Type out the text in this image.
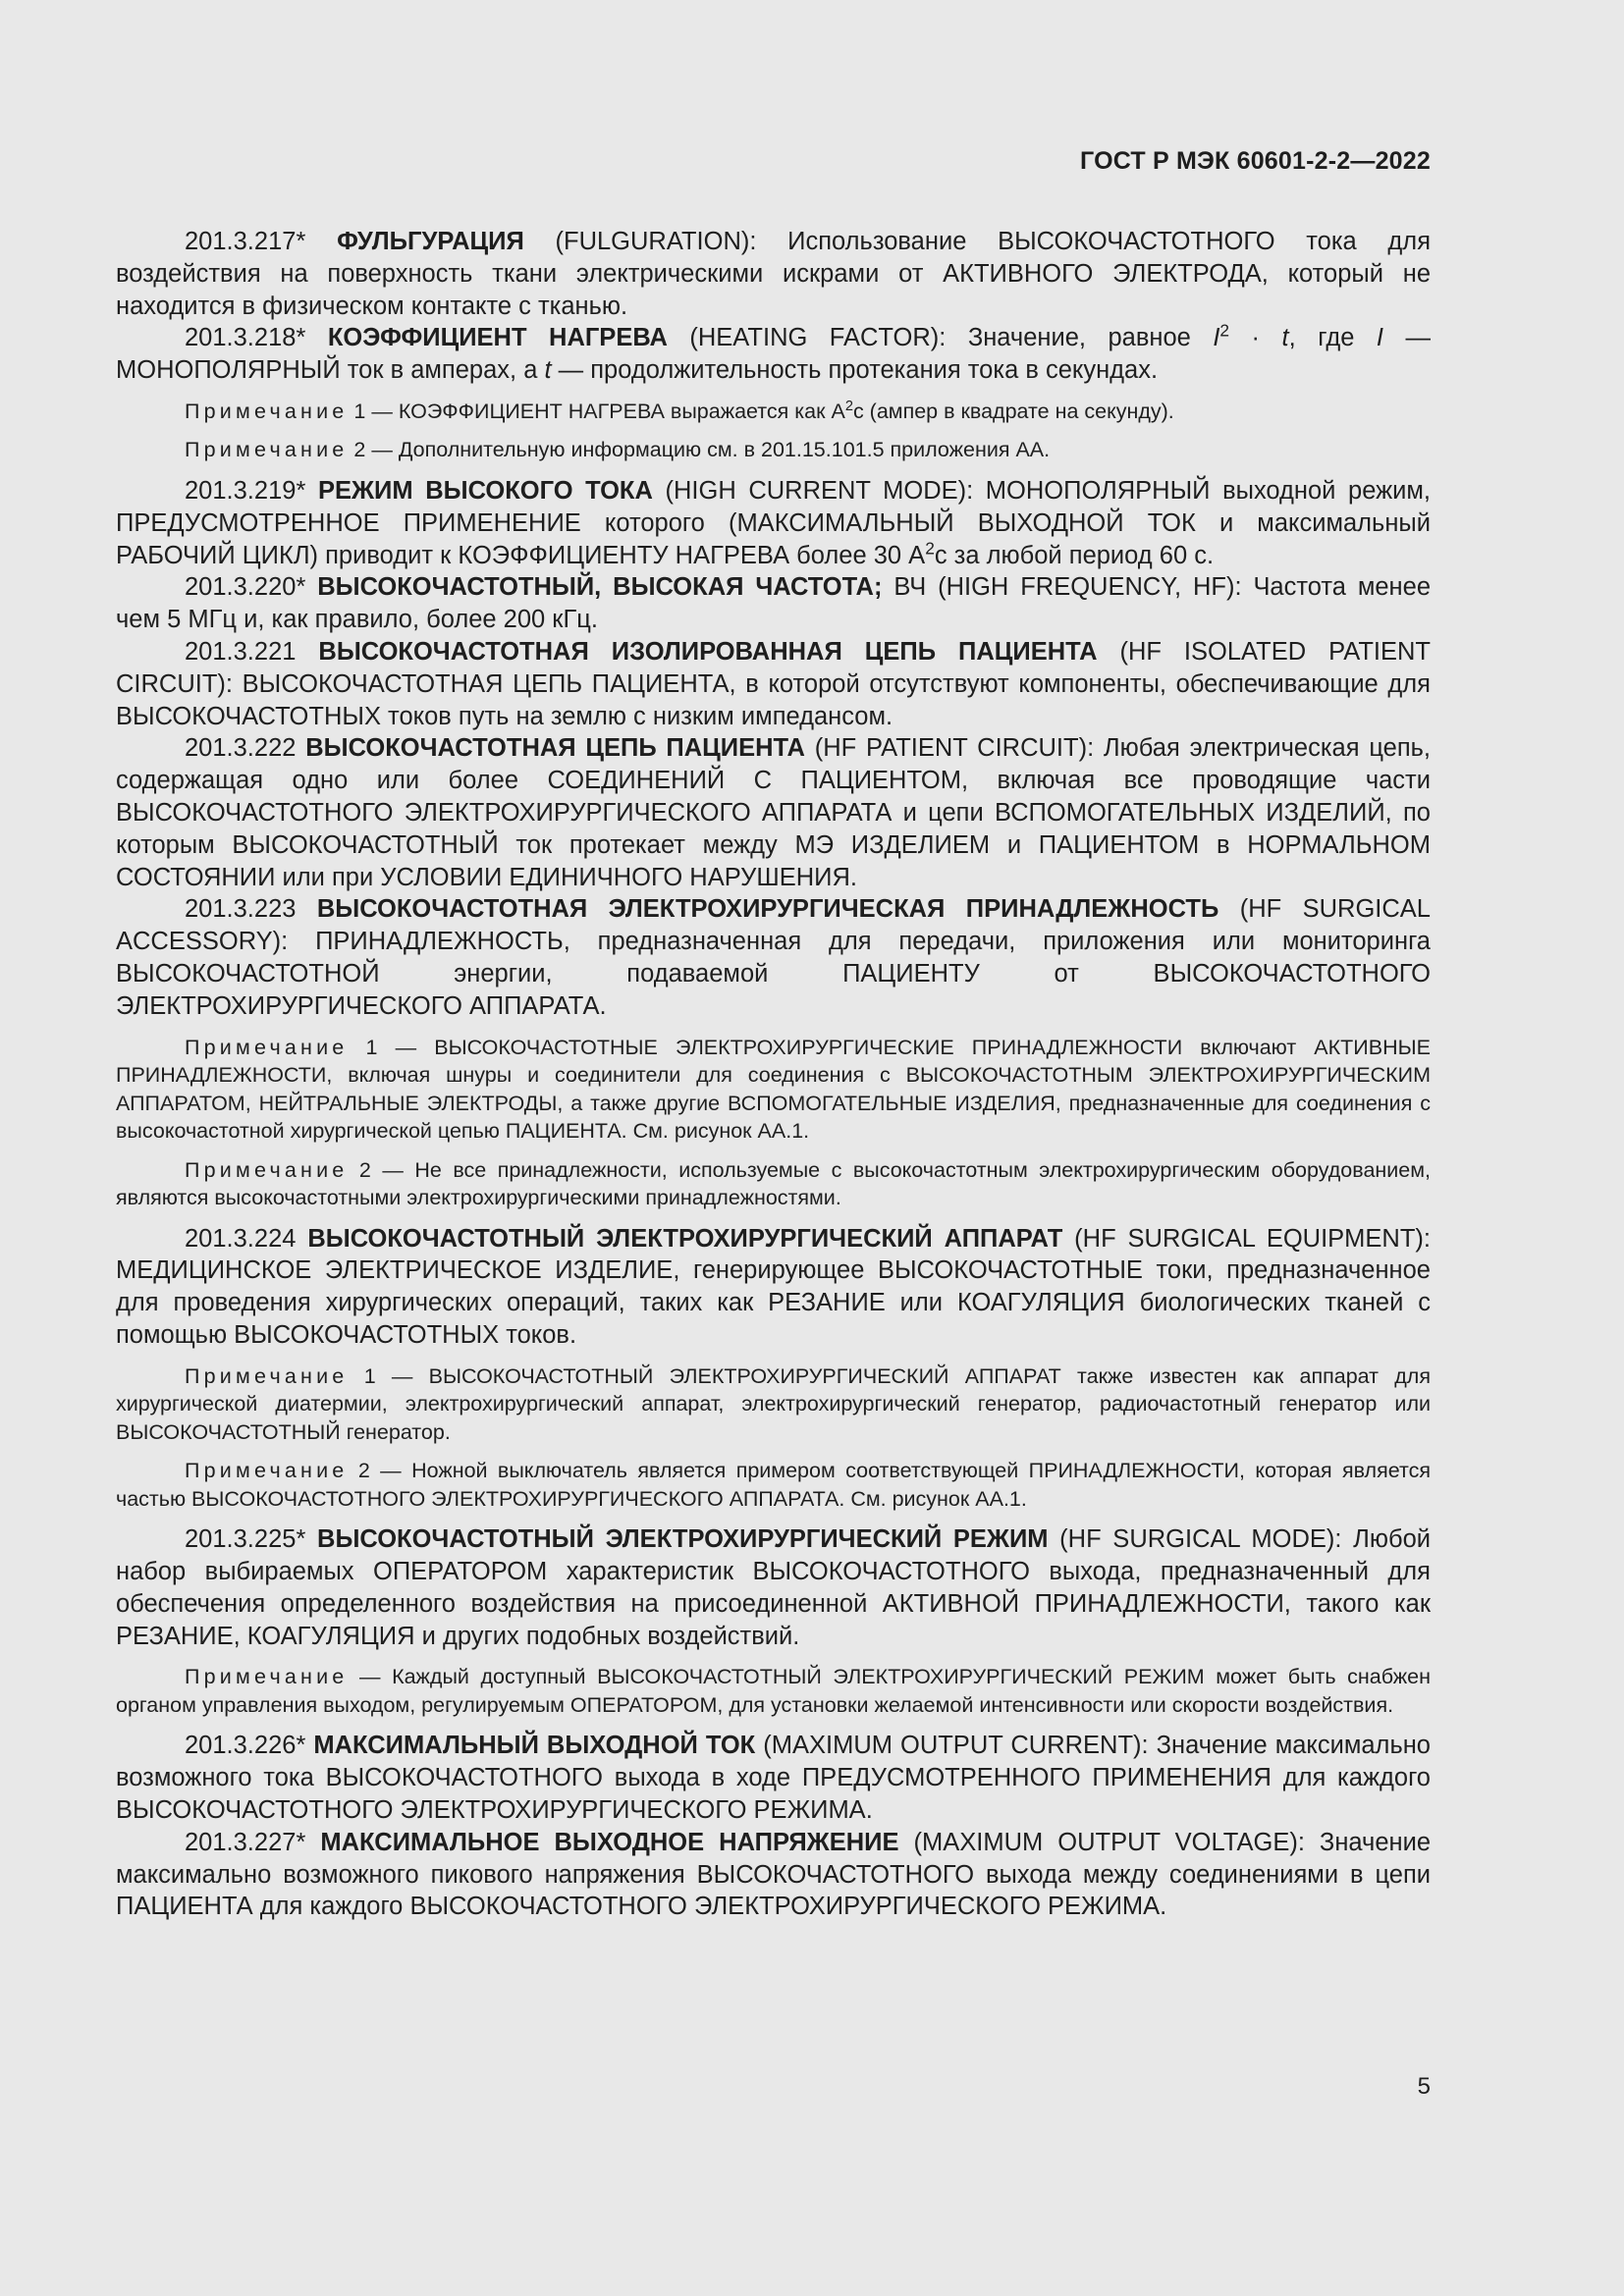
ГОСТ Р МЭК 60601-2-2—2022

201.3.217* ФУЛЬГУРАЦИЯ (FULGURATION): Использование ВЫСОКОЧАСТОТНОГО тока для воздействия на поверхность ткани электрическими искрами от АКТИВНОГО ЭЛЕКТРОДА, который не находится в физическом контакте с тканью.

201.3.218* КОЭФФИЦИЕНТ НАГРЕВА (HEATING FACTOR): Значение, равное $I^2 \cdot t$, где I — МОНОПОЛЯРНЫЙ ток в амперах, а t — продолжительность протекания тока в секундах.

Примечание 1 — КОЭФФИЦИЕНТ НАГРЕВА выражается как $А^2с$ (ампер в квадрате на секунду).

Примечание 2 — Дополнительную информацию см. в 201.15.101.5 приложения АА.

201.3.219* РЕЖИМ ВЫСОКОГО ТОКА (HIGH CURRENT MODE): МОНОПОЛЯРНЫЙ выходной режим, ПРЕДУСМОТРЕННОЕ ПРИМЕНЕНИЕ которого (МАКСИМАЛЬНЫЙ ВЫХОДНОЙ ТОК и максимальный РАБОЧИЙ ЦИКЛ) приводит к КОЭФФИЦИЕНТУ НАГРЕВА более 30 $А^2с$ за любой период 60 с.

201.3.220* ВЫСОКОЧАСТОТНЫЙ, ВЫСОКАЯ ЧАСТОТА; ВЧ (HIGH FREQUENCY, HF): Частота менее чем 5 МГц и, как правило, более 200 кГц.

201.3.221 ВЫСОКОЧАСТОТНАЯ ИЗОЛИРОВАННАЯ ЦЕПЬ ПАЦИЕНТА (HF ISOLATED PATIENT CIRCUIT): ВЫСОКОЧАСТОТНАЯ ЦЕПЬ ПАЦИЕНТА, в которой отсутствуют компоненты, обеспечивающие для ВЫСОКОЧАСТОТНЫХ токов путь на землю с низким импедансом.

201.3.222 ВЫСОКОЧАСТОТНАЯ ЦЕПЬ ПАЦИЕНТА (HF PATIENT CIRCUIT): Любая электрическая цепь, содержащая одно или более СОЕДИНЕНИЙ С ПАЦИЕНТОМ, включая все проводящие части ВЫСОКОЧАСТОТНОГО ЭЛЕКТРОХИРУРГИЧЕСКОГО АППАРАТА и цепи ВСПОМОГАТЕЛЬНЫХ ИЗДЕЛИЙ, по которым ВЫСОКОЧАСТОТНЫЙ ток протекает между МЭ ИЗДЕЛИЕМ и ПАЦИЕНТОМ в НОРМАЛЬНОМ СОСТОЯНИИ или при УСЛОВИИ ЕДИНИЧНОГО НАРУШЕНИЯ.

201.3.223 ВЫСОКОЧАСТОТНАЯ ЭЛЕКТРОХИРУРГИЧЕСКАЯ ПРИНАДЛЕЖНОСТЬ (HF SURGICAL ACCESSORY): ПРИНАДЛЕЖНОСТЬ, предназначенная для передачи, приложения или мониторинга ВЫСОКОЧАСТОТНОЙ энергии, подаваемой ПАЦИЕНТУ от ВЫСОКОЧАСТОТНОГО ЭЛЕКТРОХИРУРГИЧЕСКОГО АППАРАТА.

Примечание 1 — ВЫСОКОЧАСТОТНЫЕ ЭЛЕКТРОХИРУРГИЧЕСКИЕ ПРИНАДЛЕЖНОСТИ включают АКТИВНЫЕ ПРИНАДЛЕЖНОСТИ, включая шнуры и соединители для соединения с ВЫСОКОЧАСТОТНЫМ ЭЛЕКТРОХИРУРГИЧЕСКИМ АППАРАТОМ, НЕЙТРАЛЬНЫЕ ЭЛЕКТРОДЫ, а также другие ВСПОМОГАТЕЛЬНЫЕ ИЗДЕЛИЯ, предназначенные для соединения с высокочастотной хирургической цепью ПАЦИЕНТА. См. рисунок АА.1.

Примечание 2 — Не все принадлежности, используемые с высокочастотным электрохирургическим оборудованием, являются высокочастотными электрохирургическими принадлежностями.

201.3.224 ВЫСОКОЧАСТОТНЫЙ ЭЛЕКТРОХИРУРГИЧЕСКИЙ АППАРАТ (HF SURGICAL EQUIPMENT): МЕДИЦИНСКОЕ ЭЛЕКТРИЧЕСКОЕ ИЗДЕЛИЕ, генерирующее ВЫСОКОЧАСТОТНЫЕ токи, предназначенное для проведения хирургических операций, таких как РЕЗАНИЕ или КОАГУЛЯЦИЯ биологических тканей с помощью ВЫСОКОЧАСТОТНЫХ токов.

Примечание 1 — ВЫСОКОЧАСТОТНЫЙ ЭЛЕКТРОХИРУРГИЧЕСКИЙ АППАРАТ также известен как аппарат для хирургической диатермии, электрохирургический аппарат, электрохирургический генератор, радиочастотный генератор или ВЫСОКОЧАСТОТНЫЙ генератор.

Примечание 2 — Ножной выключатель является примером соответствующей ПРИНАДЛЕЖНОСТИ, которая является частью ВЫСОКОЧАСТОТНОГО ЭЛЕКТРОХИРУРГИЧЕСКОГО АППАРАТА. См. рисунок АА.1.

201.3.225* ВЫСОКОЧАСТОТНЫЙ ЭЛЕКТРОХИРУРГИЧЕСКИЙ РЕЖИМ (HF SURGICAL MODE): Любой набор выбираемых ОПЕРАТОРОМ характеристик ВЫСОКОЧАСТОТНОГО выхода, предназначенный для обеспечения определенного воздействия на присоединенной АКТИВНОЙ ПРИНАДЛЕЖНОСТИ, такого как РЕЗАНИЕ, КОАГУЛЯЦИЯ и других подобных воздействий.

Примечание — Каждый доступный ВЫСОКОЧАСТОТНЫЙ ЭЛЕКТРОХИРУРГИЧЕСКИЙ РЕЖИМ может быть снабжен органом управления выходом, регулируемым ОПЕРАТОРОМ, для установки желаемой интенсивности или скорости воздействия.

201.3.226* МАКСИМАЛЬНЫЙ ВЫХОДНОЙ ТОК (MAXIMUM OUTPUT CURRENT): Значение максимально возможного тока ВЫСОКОЧАСТОТНОГО выхода в ходе ПРЕДУСМОТРЕННОГО ПРИМЕНЕНИЯ для каждого ВЫСОКОЧАСТОТНОГО ЭЛЕКТРОХИРУРГИЧЕСКОГО РЕЖИМА.

201.3.227* МАКСИМАЛЬНОЕ ВЫХОДНОЕ НАПРЯЖЕНИЕ (MAXIMUM OUTPUT VOLTAGE): Значение максимально возможного пикового напряжения ВЫСОКОЧАСТОТНОГО выхода между соединениями в цепи ПАЦИЕНТА для каждого ВЫСОКОЧАСТОТНОГО ЭЛЕКТРОХИРУРГИЧЕСКОГО РЕЖИМА.

5
